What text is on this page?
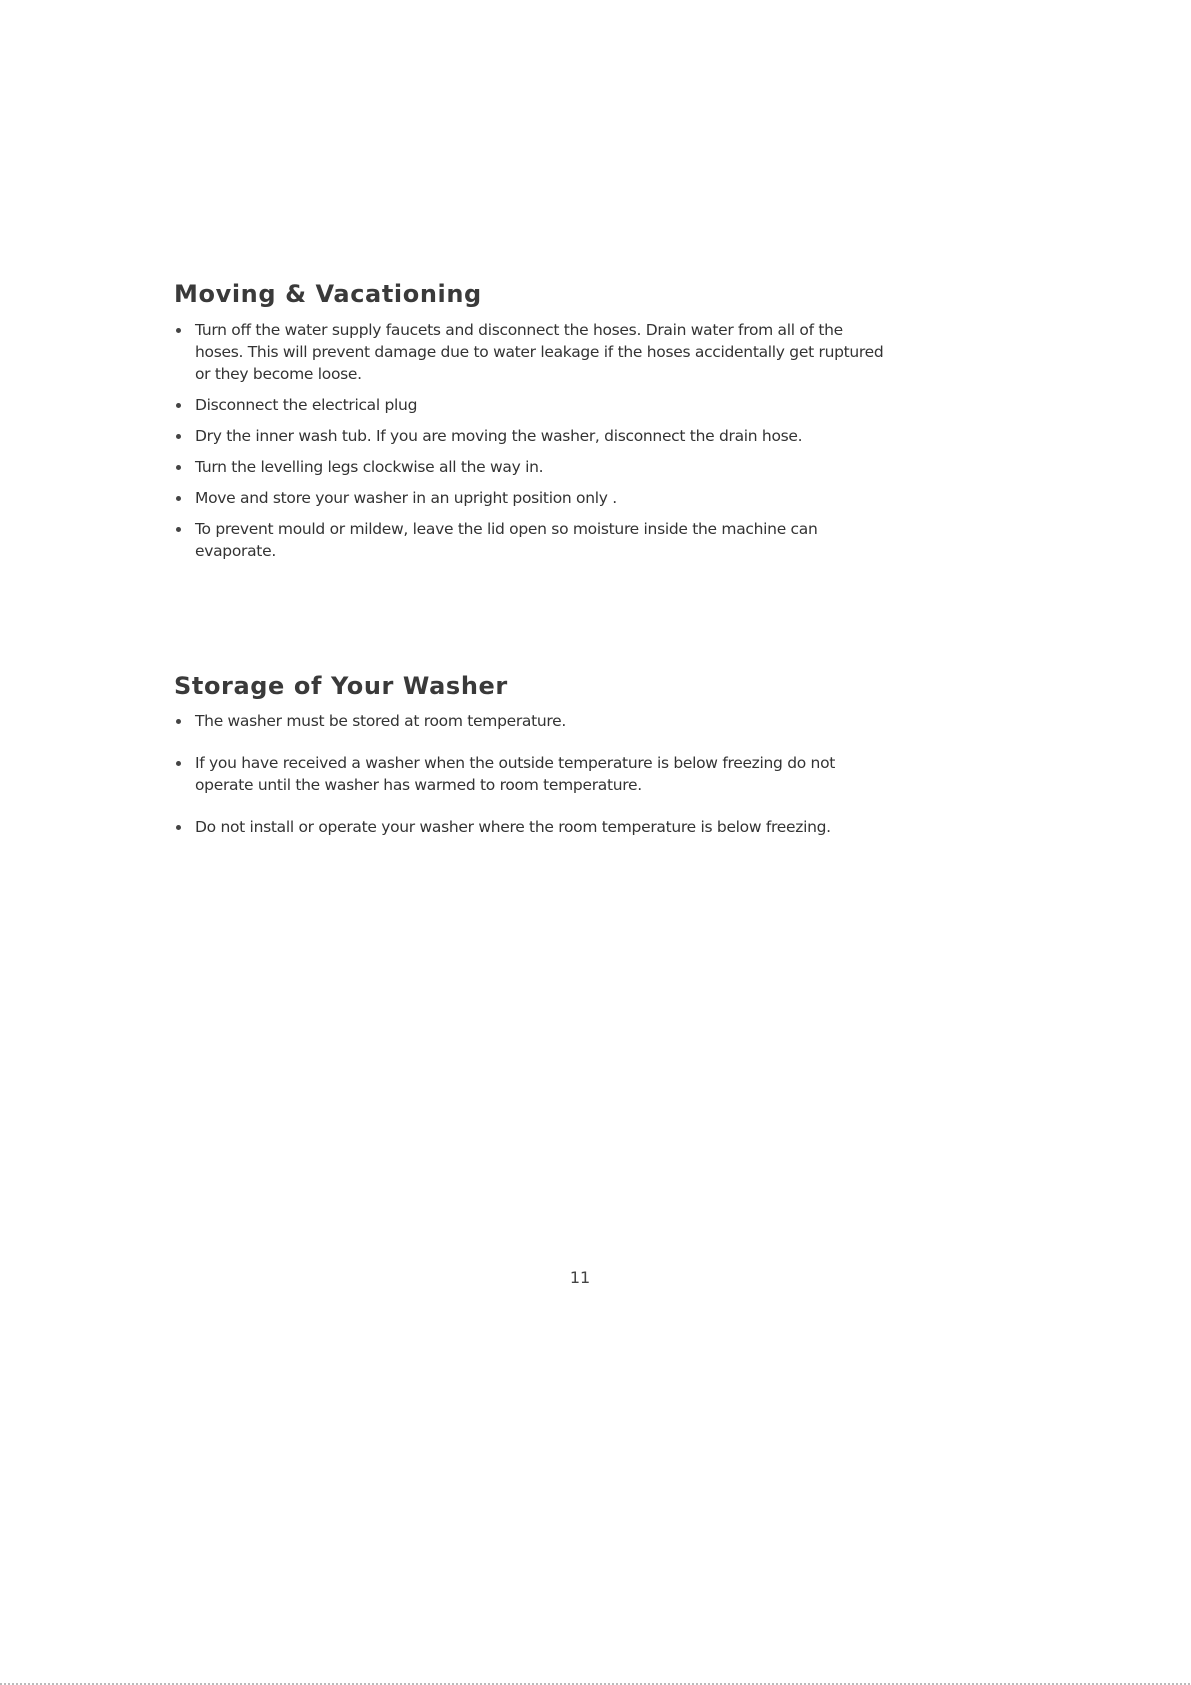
Moving & Vacationing
Turn off the water supply faucets and disconnect the hoses. Drain water from all of the hoses. This will prevent damage due to water leakage if the hoses accidentally get ruptured or they become loose.
Disconnect the electrical plug
Dry the inner wash tub. If you are moving the washer, disconnect the drain hose.
Turn the levelling legs clockwise all the way in.
Move and store your washer in an upright position only .
To prevent mould or mildew, leave the lid open so moisture inside the machine can evaporate.
Storage of Your Washer
The washer must be stored at room temperature.
If you have received a washer when the outside temperature is below freezing do not operate until the washer has warmed to room temperature.
Do not install or operate your washer where the room temperature is below freezing.
11
